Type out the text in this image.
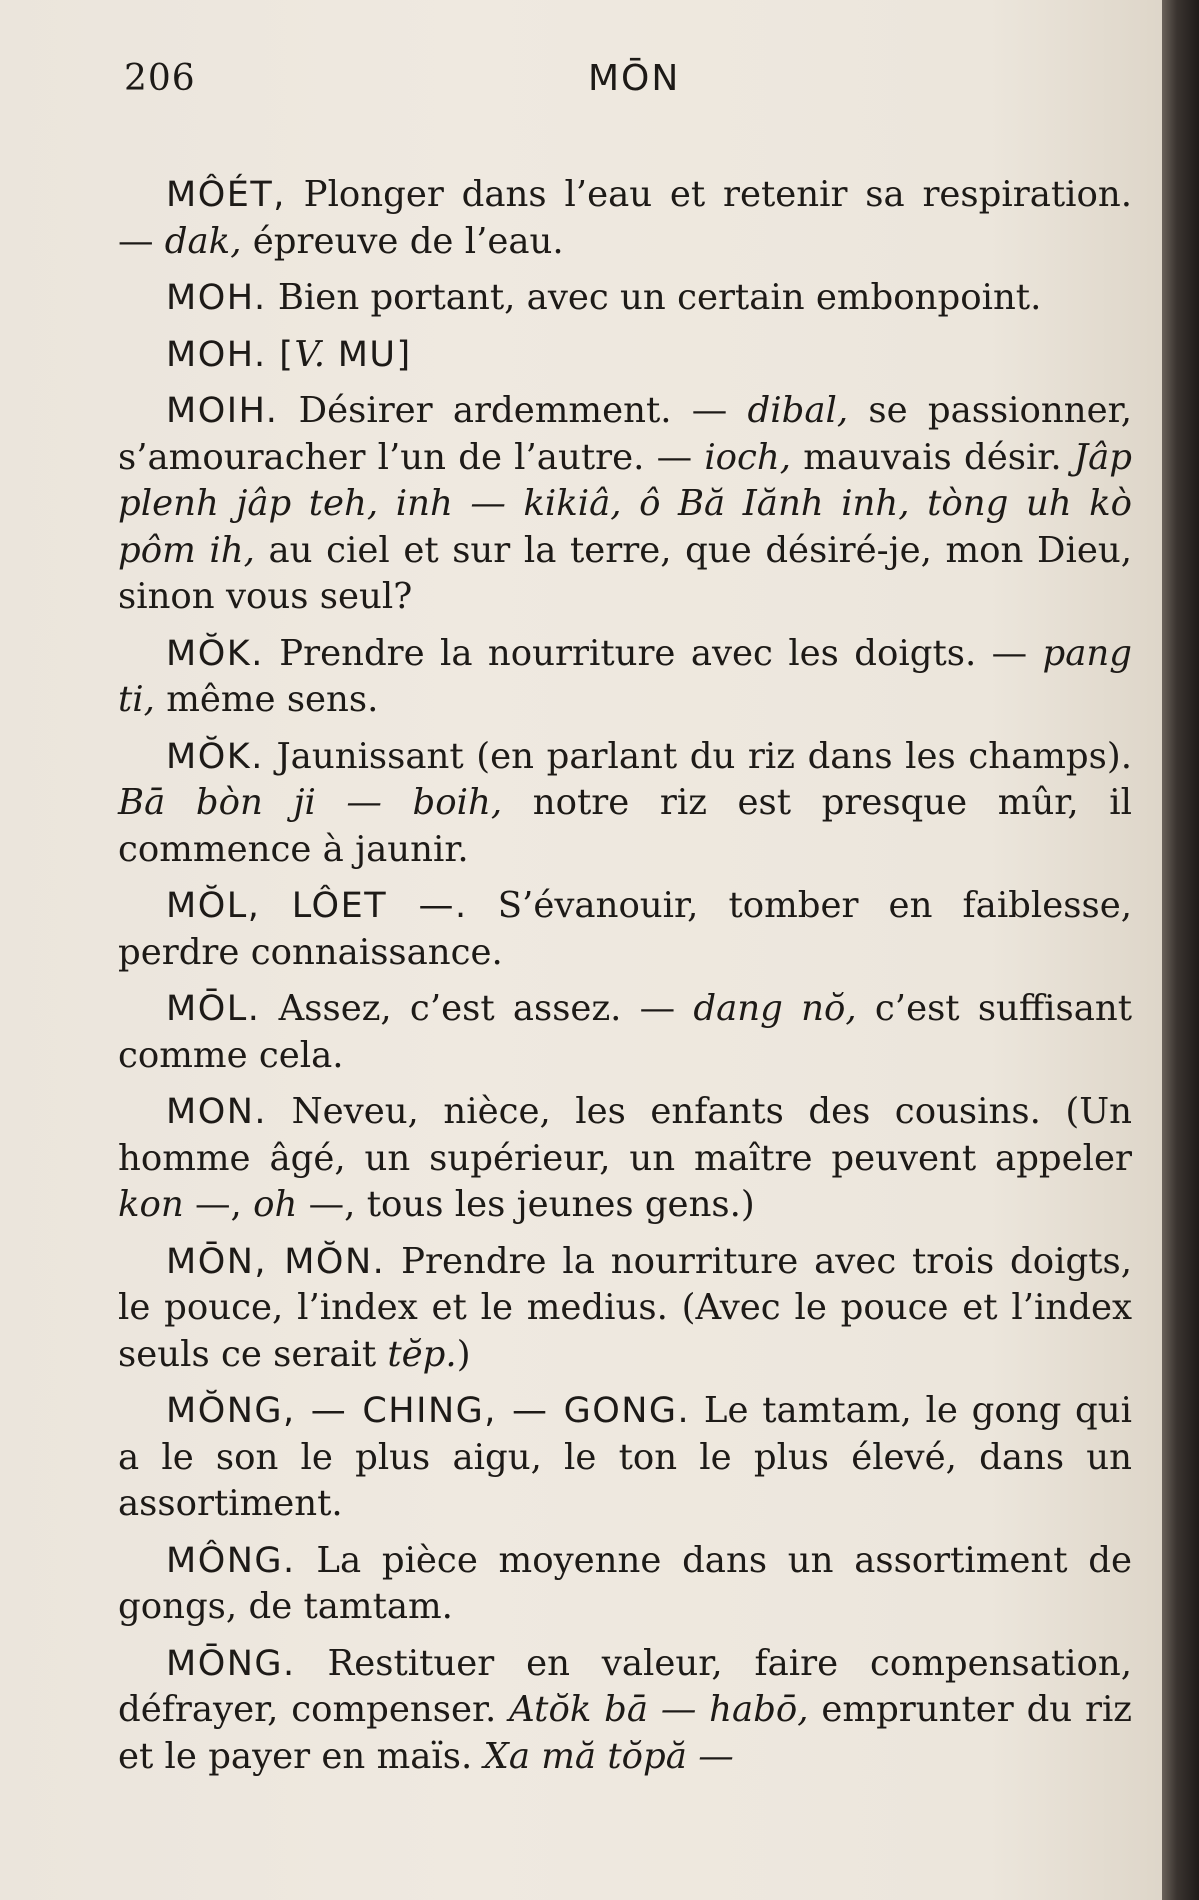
206	MŌN

MÔÉT, Plonger dans l’eau et retenir sa respiration. — dak, épreuve de l’eau.

MOH. Bien portant, avec un certain embonpoint.

MOH. [V. MU]

MOIH. Désirer ardemment. — dibal, se passionner, s’amouracher l’un de l’autre. — ioch, mauvais désir. Jâp plenh jâp teh, inh — kikiâ, ô Bă Iănh inh, tòng uh kò pôm ih, au ciel et sur la terre, que désiré-je, mon Dieu, sinon vous seul?

MŎK. Prendre la nourriture avec les doigts. — pang ti, même sens.

MŎK. Jaunissant (en parlant du riz dans les champs). Bā bòn ji — boih, notre riz est presque mûr, il commence à jaunir.

MŎL, LÔET —. S’évanouir, tomber en faiblesse, perdre connaissance.

MŌL. Assez, c’est assez. — dang nŏ, c’est suffisant comme cela.

MON. Neveu, nièce, les enfants des cousins. (Un homme âgé, un supérieur, un maître peuvent appeler kon —, oh —, tous les jeunes gens.)

MŌN, MŎN. Prendre la nourriture avec trois doigts, le pouce, l’index et le medius. (Avec le pouce et l’index seuls ce serait tĕp.)

MŎNG, — CHING, — GONG. Le tamtam, le gong qui a le son le plus aigu, le ton le plus élevé, dans un assortiment.

MÔNG. La pièce moyenne dans un assortiment de gongs, de tamtam.

MŌNG. Restituer en valeur, faire compensation, défrayer, compenser. Atŏk bā — habō, emprunter du riz et le payer en maïs. Xa mă tŏpă —
